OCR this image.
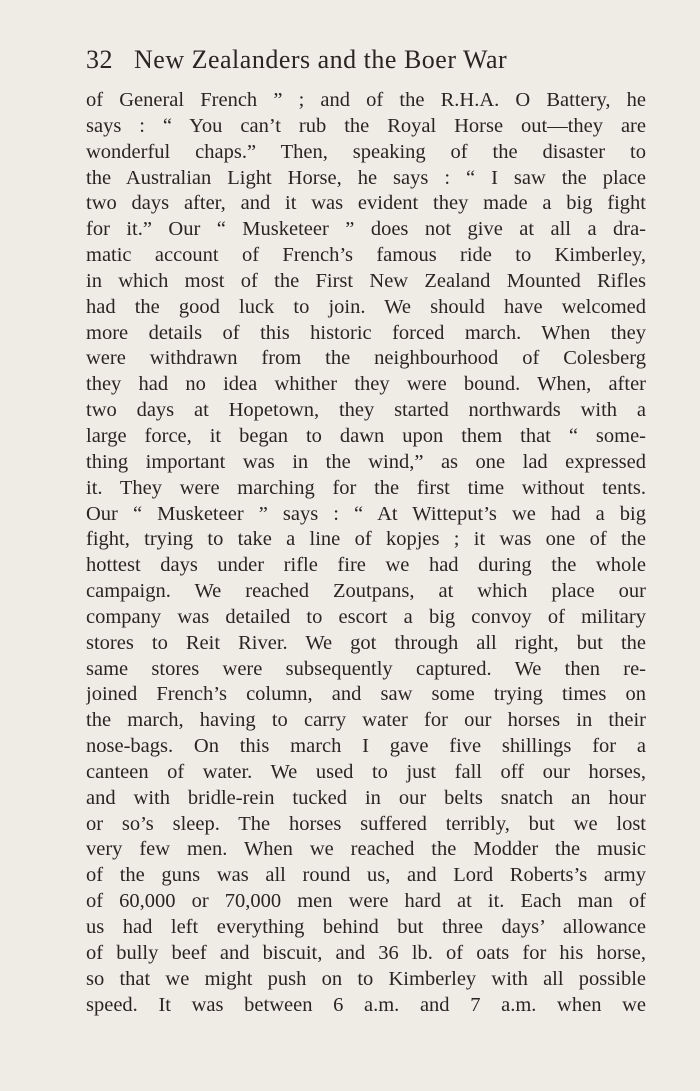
32 New Zealanders and the Boer War
of General French ” ; and of the R.H.A. O Battery, he
says : “ You can’t rub the Royal Horse out—they are
wonderful chaps.” Then, speaking of the disaster to
the Australian Light Horse, he says : “ I saw the place
two days after, and it was evident they made a big fight
for it.” Our “ Musketeer ” does not give at all a dra-
matic account of French’s famous ride to Kimberley,
in which most of the First New Zealand Mounted Rifles
had the good luck to join. We should have welcomed
more details of this historic forced march. When they
were withdrawn from the neighbourhood of Colesberg
they had no idea whither they were bound. When, after
two days at Hopetown, they started northwards with a
large force, it began to dawn upon them that “ some-
thing important was in the wind,” as one lad expressed
it. They were marching for the first time without tents.
Our “ Musketeer ” says : “ At Witteput’s we had a big
fight, trying to take a line of kopjes ; it was one of the
hottest days under rifle fire we had during the whole
campaign. We reached Zoutpans, at which place our
company was detailed to escort a big convoy of military
stores to Reit River. We got through all right, but the
same stores were subsequently captured. We then re-
joined French’s column, and saw some trying times on
the march, having to carry water for our horses in their
nose-bags. On this march I gave five shillings for a
canteen of water. We used to just fall off our horses,
and with bridle-rein tucked in our belts snatch an hour
or so’s sleep. The horses suffered terribly, but we lost
very few men. When we reached the Modder the music
of the guns was all round us, and Lord Roberts’s army
of 60,000 or 70,000 men were hard at it. Each man of
us had left everything behind but three days’ allowance
of bully beef and biscuit, and 36 lb. of oats for his horse,
so that we might push on to Kimberley with all possible
speed. It was between 6 a.m. and 7 a.m. when we
